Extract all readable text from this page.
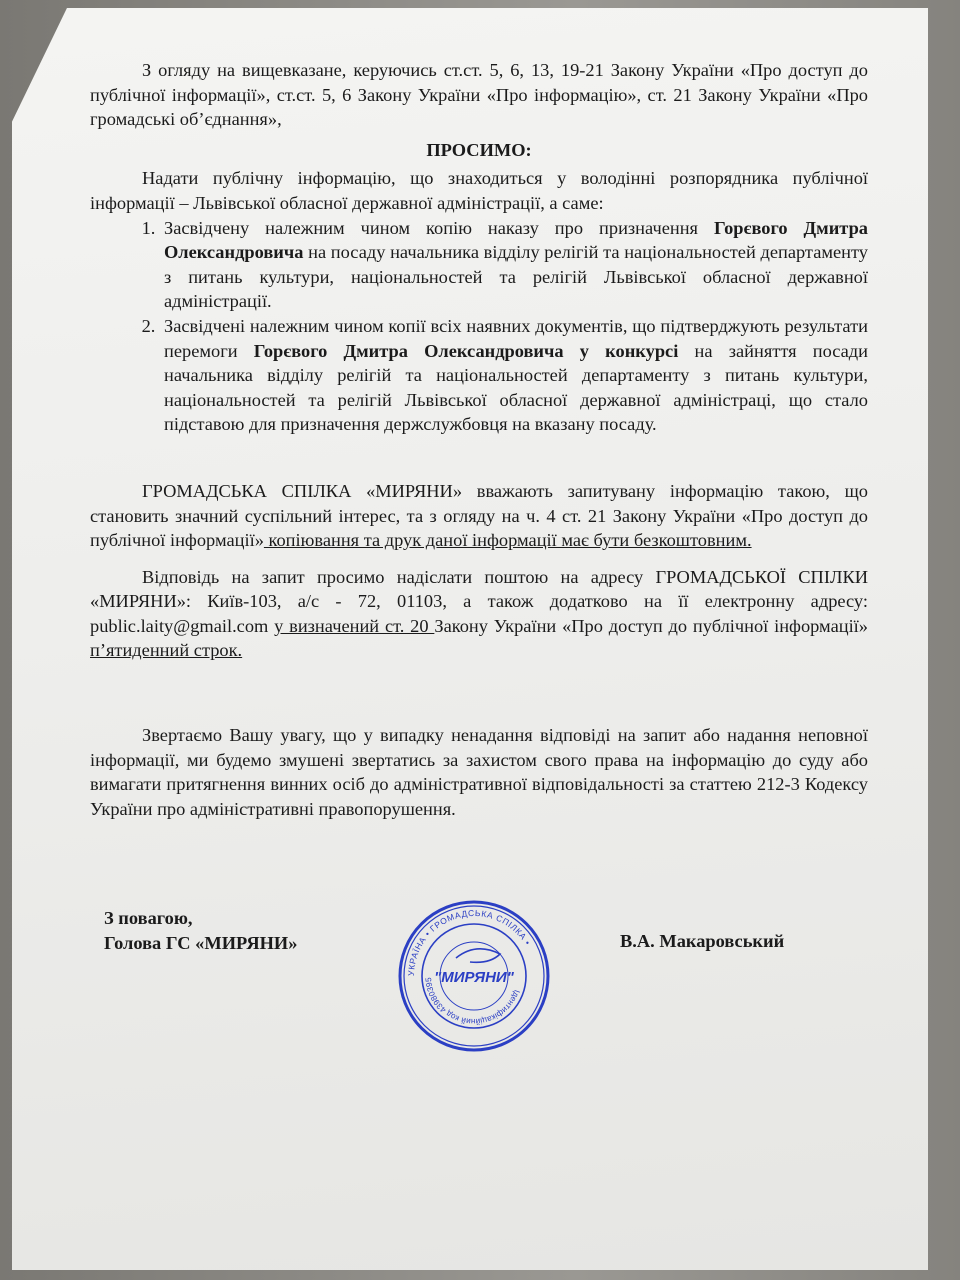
З огляду на вищевказане, керуючись ст.ст. 5, 6, 13, 19-21 Закону України «Про доступ до публічної інформації», ст.ст. 5, 6 Закону України «Про інформацію», ст. 21 Закону України «Про громадські об’єднання»,

ПРОСИМО:

Надати публічну інформацію, що знаходиться у володінні розпорядника публічної інформації – Львівської обласної державної адміністрації, а саме:

1. Засвідчену належним чином копію наказу про призначення Горєвого Дмитра Олександровича на посаду начальника відділу релігій та національностей департаменту з питань культури, національностей та релігій Львівської обласної державної адміністрації.
2. Засвідчені належним чином копії всіх наявних документів, що підтверджують результати перемоги Горєвого Дмитра Олександровича у конкурсі на зайняття посади начальника відділу релігій та національностей департаменту з питань культури, національностей та релігій Львівської обласної державної адміністраці, що стало підставою для призначення держслужбовця на вказану посаду.

ГРОМАДСЬКА СПІЛКА «МИРЯНИ» вважають запитувану інформацію такою, що становить значний суспільний інтерес, та з огляду на ч. 4 ст. 21 Закону України «Про доступ до публічної інформації» копіювання та друк даної інформації має бути безкоштовним.

Відповідь на запит просимо надіслати поштою на адресу ГРОМАДСЬКОЇ СПІЛКИ «МИРЯНИ»: Київ-103, а/с - 72, 01103, а також додатково на її електронну адресу: public.laity@gmail.com у визначений ст. 20 Закону України «Про доступ до публічної інформації» п’ятиденний строк.

Звертаємо Вашу увагу, що у випадку ненадання відповіді на запит або надання неповної інформації, ми будемо змушені звертатись за захистом свого права на інформацію до суду або вимагати притягнення винних осіб до адміністративної відповідальності за статтею 212-3 Кодексу України про адміністративні правопорушення.

З повагою,
Голова ГС «МИРЯНИ»	В.А. Макаровський
УКРАЇНА • ГРОМАДСЬКА СПІЛКА •
Ідентифікаційний код 43980395 "МИРЯНИ"
